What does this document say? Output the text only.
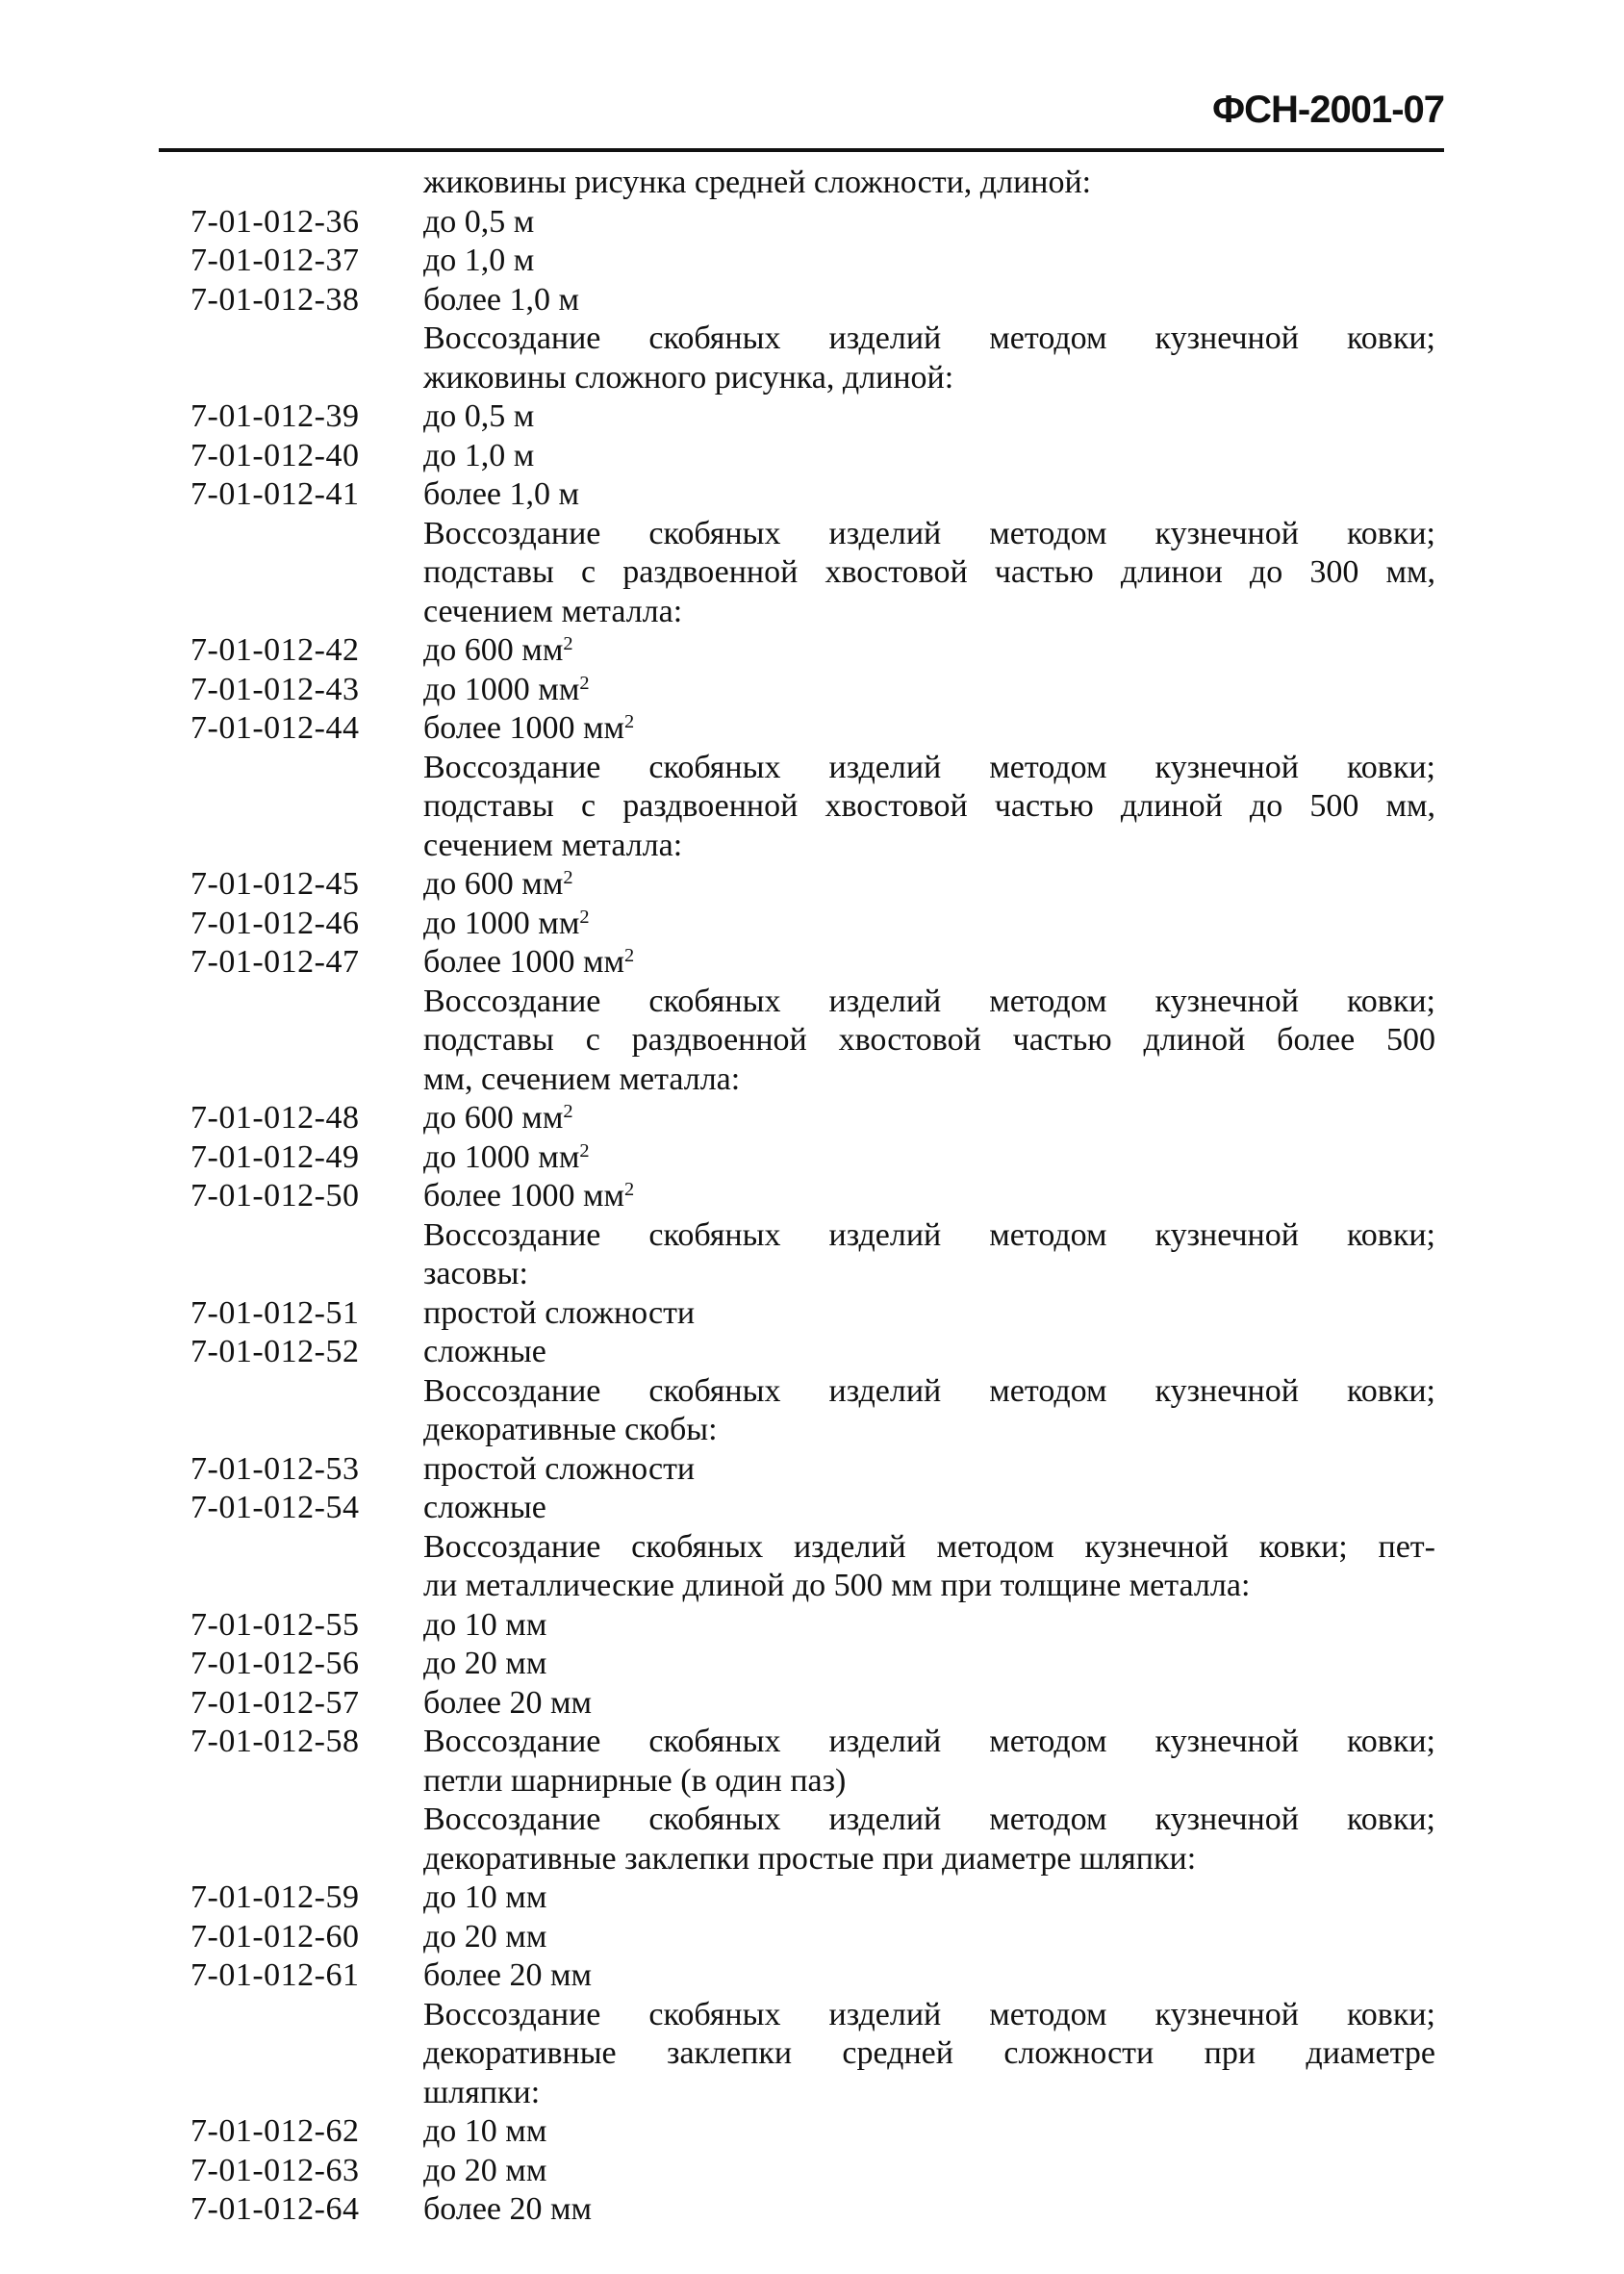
ФСН-2001-07
жиковины рисунка средней сложности, длиной:
7-01-012-36	до 0,5 м
7-01-012-37	до 1,0 м
7-01-012-38	более 1,0 м
Воссоздание скобяных изделий методом кузнечной ковки;
жиковины сложного рисунка, длиной:
7-01-012-39	до 0,5 м
7-01-012-40	до 1,0 м
7-01-012-41	более 1,0 м
Воссоздание скобяных изделий методом кузнечной ковки;
подставы с раздвоенной хвостовой частью длинои до 300 мм,
сечением металла:
7-01-012-42	до 600 $мм^2$
7-01-012-43	до 1000 $мм^2$
7-01-012-44	более 1000 $мм^2$
Воссоздание скобяных изделий методом кузнечной ковки;
подставы с раздвоенной хвостовой частью длиной до 500 мм,
сечением металла:
7-01-012-45	до 600 $мм^2$
7-01-012-46	до 1000 $мм^2$
7-01-012-47	более 1000 $мм^2$
Воссоздание скобяных изделий методом кузнечной ковки;
подставы с раздвоенной хвостовой частью длиной более 500
мм, сечением металла:
7-01-012-48	до 600 $мм^2$
7-01-012-49	до 1000 $мм^2$
7-01-012-50	более 1000 $мм^2$
Воссоздание скобяных изделий методом кузнечной ковки;
засовы:
7-01-012-51	простой сложности
7-01-012-52	сложные
Воссоздание скобяных изделий методом кузнечной ковки;
декоративные скобы:
7-01-012-53	простой сложности
7-01-012-54	сложные
Воссоздание скобяных изделий методом кузнечной ковки; пет-
ли металлические длиной до 500 мм при толщине металла:
7-01-012-55	до 10 мм
7-01-012-56	до 20 мм
7-01-012-57	более 20 мм
7-01-012-58	Воссоздание скобяных изделий методом кузнечной ковки;
петли шарнирные (в один паз)
Воссоздание скобяных изделий методом кузнечной ковки;
декоративные заклепки простые при диаметре шляпки:
7-01-012-59	до 10 мм
7-01-012-60	до 20 мм
7-01-012-61	более 20 мм
Воссоздание скобяных изделий методом кузнечной ковки;
декоративные заклепки средней сложности при диаметре
шляпки:
7-01-012-62	до 10 мм
7-01-012-63	до 20 мм
7-01-012-64	более 20 мм
